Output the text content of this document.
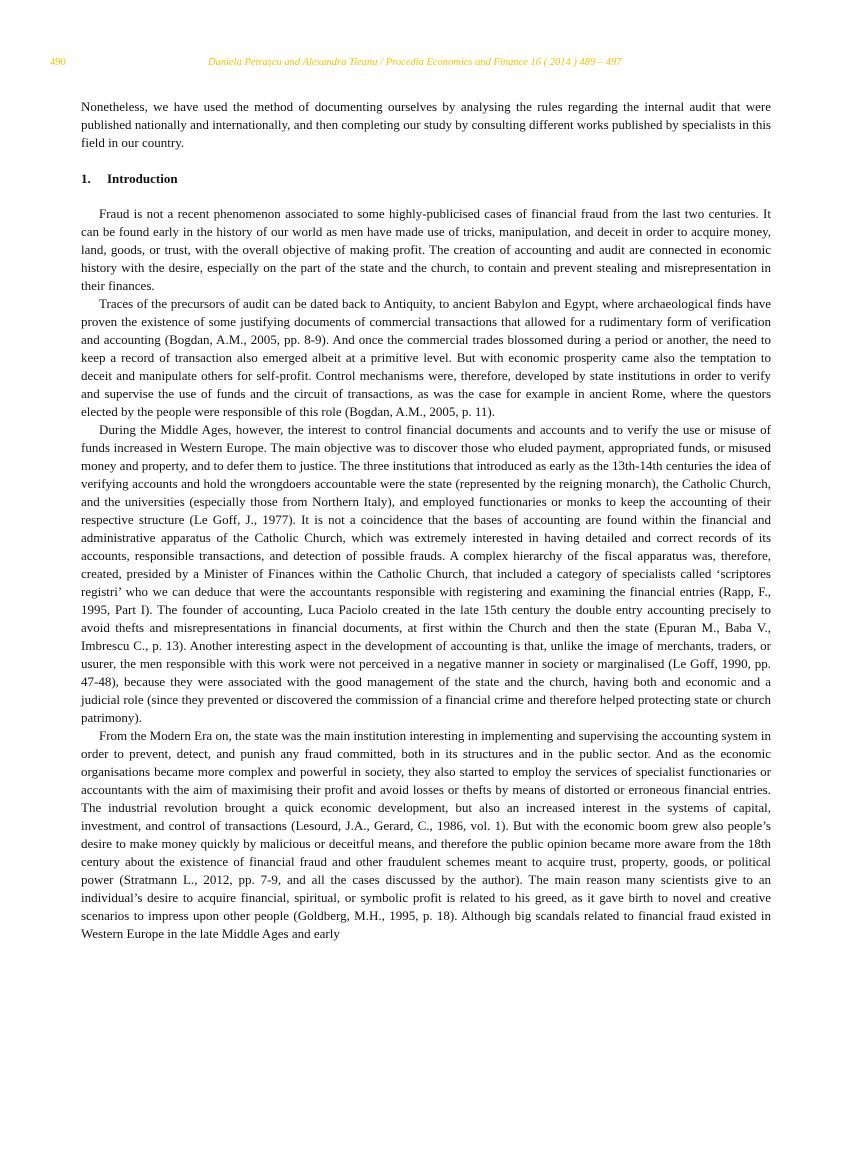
490	Daniela Petrașcu and Alexandra Tieanu / Procedia Economics and Finance 16 ( 2014 ) 489 – 497

Nonetheless, we have used the method of documenting ourselves by analysing the rules regarding the internal audit that were published nationally and internationally, and then completing our study by consulting different works published by specialists in this field in our country.

1. Introduction

Fraud is not a recent phenomenon associated to some highly-publicised cases of financial fraud from the last two centuries. It can be found early in the history of our world as men have made use of tricks, manipulation, and deceit in order to acquire money, land, goods, or trust, with the overall objective of making profit. The creation of accounting and audit are connected in economic history with the desire, especially on the part of the state and the church, to contain and prevent stealing and misrepresentation in their finances.

Traces of the precursors of audit can be dated back to Antiquity, to ancient Babylon and Egypt, where archaeological finds have proven the existence of some justifying documents of commercial transactions that allowed for a rudimentary form of verification and accounting (Bogdan, A.M., 2005, pp. 8-9). And once the commercial trades blossomed during a period or another, the need to keep a record of transaction also emerged albeit at a primitive level. But with economic prosperity came also the temptation to deceit and manipulate others for self-profit. Control mechanisms were, therefore, developed by state institutions in order to verify and supervise the use of funds and the circuit of transactions, as was the case for example in ancient Rome, where the questors elected by the people were responsible of this role (Bogdan, A.M., 2005, p. 11).

During the Middle Ages, however, the interest to control financial documents and accounts and to verify the use or misuse of funds increased in Western Europe. The main objective was to discover those who eluded payment, appropriated funds, or misused money and property, and to defer them to justice. The three institutions that introduced as early as the 13th-14th centuries the idea of verifying accounts and hold the wrongdoers accountable were the state (represented by the reigning monarch), the Catholic Church, and the universities (especially those from Northern Italy), and employed functionaries or monks to keep the accounting of their respective structure (Le Goff, J., 1977). It is not a coincidence that the bases of accounting are found within the financial and administrative apparatus of the Catholic Church, which was extremely interested in having detailed and correct records of its accounts, responsible transactions, and detection of possible frauds. A complex hierarchy of the fiscal apparatus was, therefore, created, presided by a Minister of Finances within the Catholic Church, that included a category of specialists called ‘scriptores registri’ who we can deduce that were the accountants responsible with registering and examining the financial entries (Rapp, F., 1995, Part I). The founder of accounting, Luca Paciolo created in the late 15th century the double entry accounting precisely to avoid thefts and misrepresentations in financial documents, at first within the Church and then the state (Epuran M., Baba V., Imbrescu C., p. 13). Another interesting aspect in the development of accounting is that, unlike the image of merchants, traders, or usurer, the men responsible with this work were not perceived in a negative manner in society or marginalised (Le Goff, 1990, pp. 47-48), because they were associated with the good management of the state and the church, having both and economic and a judicial role (since they prevented or discovered the commission of a financial crime and therefore helped protecting state or church patrimony).

From the Modern Era on, the state was the main institution interesting in implementing and supervising the accounting system in order to prevent, detect, and punish any fraud committed, both in its structures and in the public sector. And as the economic organisations became more complex and powerful in society, they also started to employ the services of specialist functionaries or accountants with the aim of maximising their profit and avoid losses or thefts by means of distorted or erroneous financial entries. The industrial revolution brought a quick economic development, but also an increased interest in the systems of capital, investment, and control of transactions (Lesourd, J.A., Gerard, C., 1986, vol. 1). But with the economic boom grew also people’s desire to make money quickly by malicious or deceitful means, and therefore the public opinion became more aware from the 18th century about the existence of financial fraud and other fraudulent schemes meant to acquire trust, property, goods, or political power (Stratmann L., 2012, pp. 7-9, and all the cases discussed by the author). The main reason many scientists give to an individual’s desire to acquire financial, spiritual, or symbolic profit is related to his greed, as it gave birth to novel and creative scenarios to impress upon other people (Goldberg, M.H., 1995, p. 18). Although big scandals related to financial fraud existed in Western Europe in the late Middle Ages and early
